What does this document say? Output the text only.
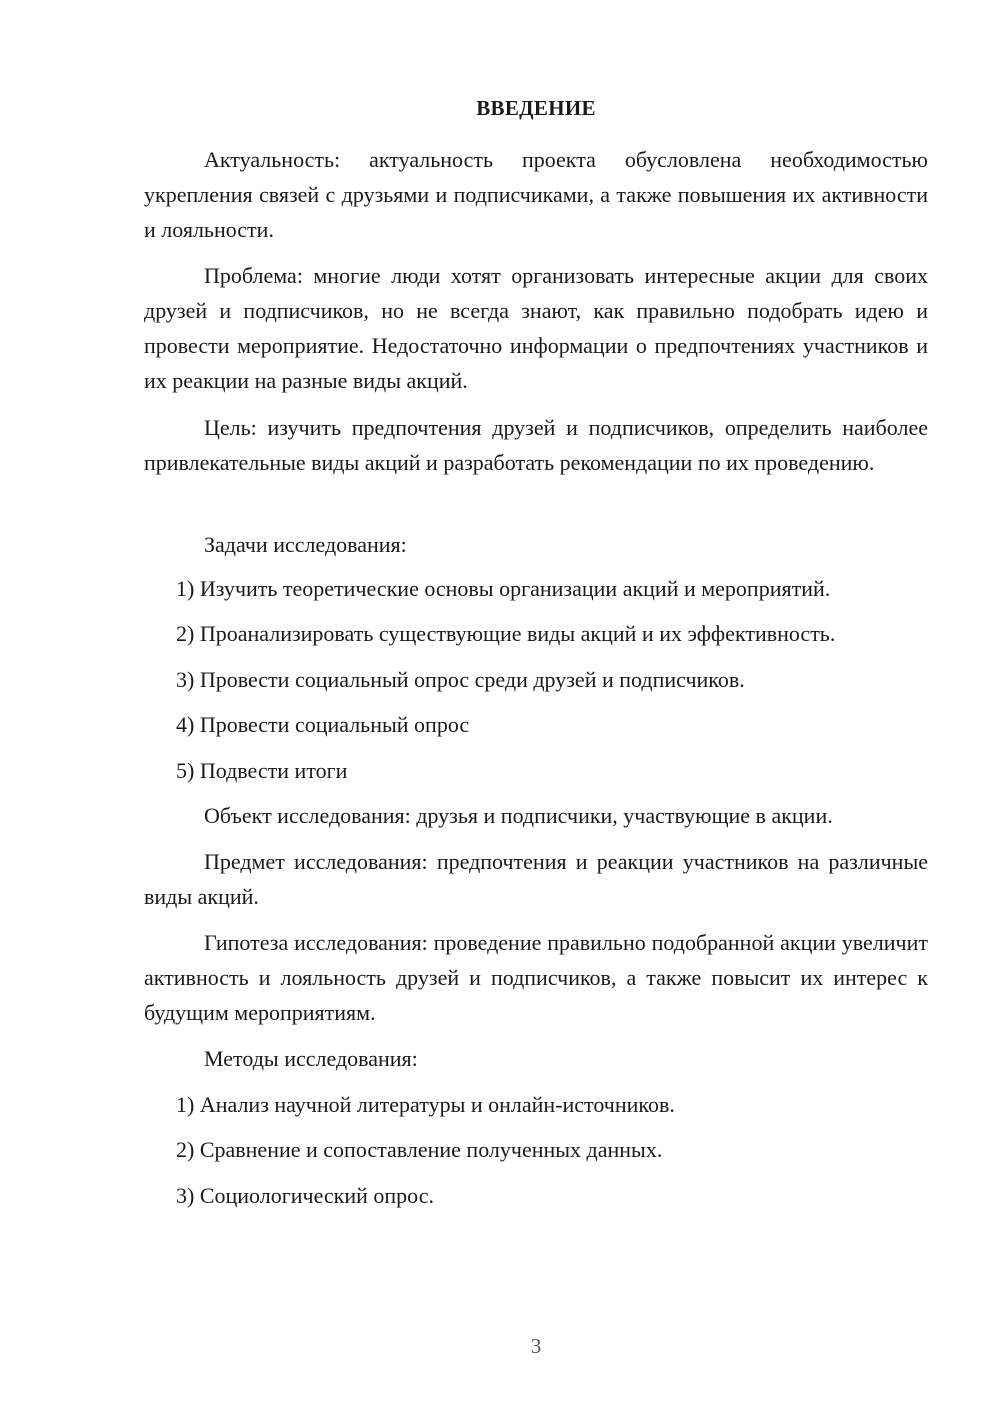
ВВЕДЕНИЕ

Актуальность: актуальность проекта обусловлена необходимостью укрепления связей с друзьями и подписчиками, а также повышения их активности и лояльности.

Проблема: многие люди хотят организовать интересные акции для своих друзей и подписчиков, но не всегда знают, как правильно подобрать идею и провести мероприятие. Недостаточно информации о предпочтениях участников и их реакции на разные виды акций.

Цель: изучить предпочтения друзей и подписчиков, определить наиболее привлекательные виды акций и разработать рекомендации по их проведению.

Задачи исследования:

1) Изучить теоретические основы организации акций и мероприятий.

2) Проанализировать существующие виды акций и их эффективность.

3) Провести социальный опрос среди друзей и подписчиков.

4) Провести социальный опрос

5) Подвести итоги

Объект исследования: друзья и подписчики, участвующие в акции.

Предмет исследования: предпочтения и реакции участников на различные виды акций.

Гипотеза исследования: проведение правильно подобранной акции увеличит активность и лояльность друзей и подписчиков, а также повысит их интерес к будущим мероприятиям.

Методы исследования:

1) Анализ научной литературы и онлайн-источников.

2) Сравнение и сопоставление полученных данных.

3) Социологический опрос.

3
